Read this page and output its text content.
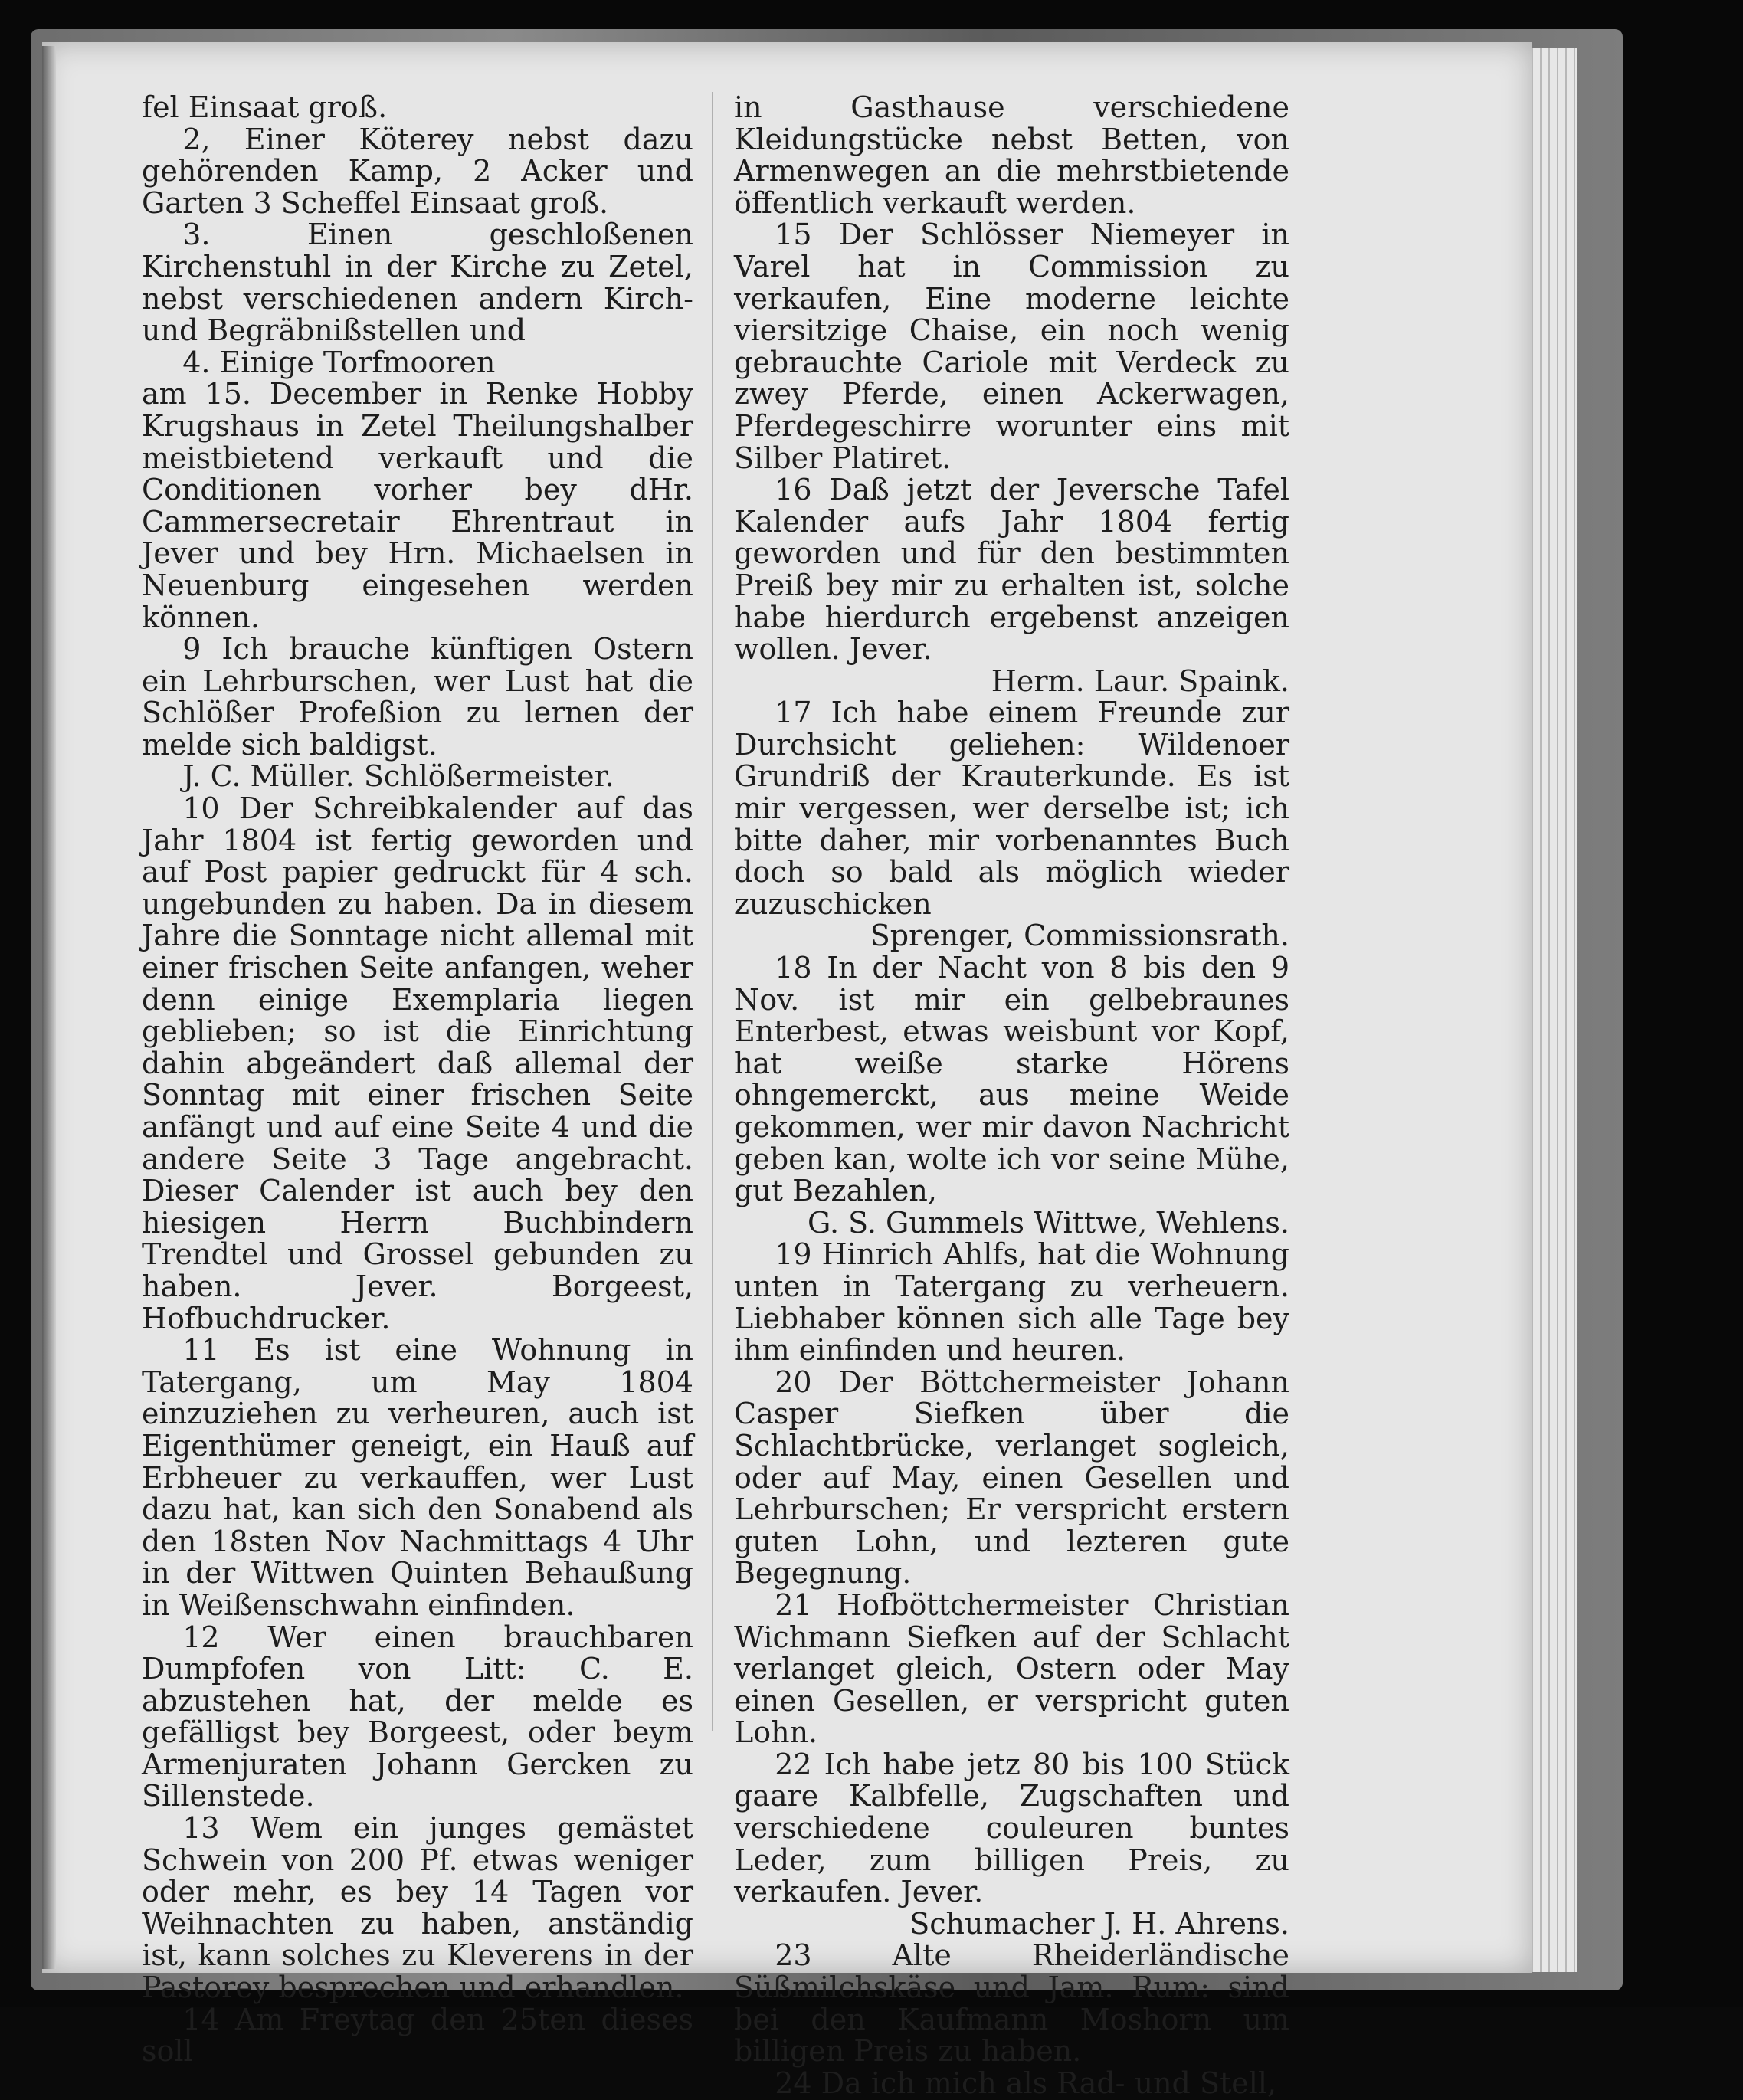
fel Einsaat groß.

2, Einer Köterey nebst dazu gehörenden Kamp, 2 Acker und Garten 3 Scheffel Einsaat groß.

3. Einen geschloßenen Kirchenstuhl in der Kirche zu Zetel, nebst verschiedenen andern Kirch- und Begräbnißstellen und

4. Einige Torfmooren

am 15. December in Renke Hobby Krugshaus in Zetel Theilungshalber meistbietend verkauft und die Conditionen vorher bey dHr. Cammersecretair Ehrentraut in Jever und bey Hrn. Michaelsen in Neuenburg eingesehen werden können.

9 Ich brauche künftigen Ostern ein Lehrburschen, wer Lust hat die Schlößer Profeßion zu lernen der melde sich baldigst.

J. C. Müller. Schlößermeister.

10 Der Schreibkalender auf das Jahr 1804 ist fertig geworden und auf Post papier gedruckt für 4 sch. ungebunden zu haben. Da in diesem Jahre die Sonntage nicht allemal mit einer frischen Seite anfangen, weher denn einige Exemplaria liegen geblieben; so ist die Einrichtung dahin abgeändert daß allemal der Sonntag mit einer frischen Seite anfängt und auf eine Seite 4 und die andere Seite 3 Tage angebracht. Dieser Calender ist auch bey den hiesigen Herrn Buchbindern Trendtel und Grossel gebunden zu haben. Jever. Borgeest, Hofbuchdrucker.

11 Es ist eine Wohnung in Tatergang, um May 1804 einzuziehen zu verheuren, auch ist Eigenthümer geneigt, ein Hauß auf Erbheuer zu verkauffen, wer Lust dazu hat, kan sich den Sonabend als den 18sten Nov Nachmittags 4 Uhr in der Wittwen Quinten Behaußung in Weißenschwahn einfinden.

12 Wer einen brauchbaren Dumpfofen von Litt: C. E. abzustehen hat, der melde es gefälligst bey Borgeest, oder beym Armenjuraten Johann Gercken zu Sillenstede.

13 Wem ein junges gemästet Schwein von 200 Pf. etwas weniger oder mehr, es bey 14 Tagen vor Weihnachten zu haben, anständig ist, kann solches zu Kleverens in der Pastorey besprechen und erhandlen.

14 Am Freytag den 25ten dieses soll

in Gasthause verschiedene Kleidungstücke nebst Betten, von Armenwegen an die mehrstbietende öffentlich verkauft werden.

15 Der Schlösser Niemeyer in Varel hat in Commission zu verkaufen, Eine moderne leichte viersitzige Chaise, ein noch wenig gebrauchte Cariole mit Verdeck zu zwey Pferde, einen Ackerwagen, Pferdegeschirre worunter eins mit Silber Platiret.

16 Daß jetzt der Jeversche Tafel Kalender aufs Jahr 1804 fertig geworden und für den bestimmten Preiß bey mir zu erhalten ist, solche habe hierdurch ergebenst anzeigen wollen. Jever.

Herm. Laur. Spaink.

17 Ich habe einem Freunde zur Durchsicht geliehen: Wildenoer Grundriß der Krauterkunde. Es ist mir vergessen, wer derselbe ist; ich bitte daher, mir vorbenanntes Buch doch so bald als möglich wieder zuzuschicken

Sprenger, Commissionsrath.

18 In der Nacht von 8 bis den 9 Nov. ist mir ein gelbebraunes Enterbest, etwas weisbunt vor Kopf, hat weiße starke Hörens ohngemerckt, aus meine Weide gekommen, wer mir davon Nachricht geben kan, wolte ich vor seine Mühe, gut Bezahlen,

G. S. Gummels Wittwe, Wehlens.

19 Hinrich Ahlfs, hat die Wohnung unten in Tatergang zu verheuern. Liebhaber können sich alle Tage bey ihm einfinden und heuren.

20 Der Böttchermeister Johann Casper Siefken über die Schlachtbrücke, verlanget sogleich, oder auf May, einen Gesellen und Lehrburschen; Er verspricht erstern guten Lohn, und lezteren gute Begegnung.

21 Hofböttchermeister Christian Wichmann Siefken auf der Schlacht verlanget gleich, Ostern oder May einen Gesellen, er verspricht guten Lohn.

22 Ich habe jetz 80 bis 100 Stück gaare Kalbfelle, Zugschaften und verschiedene couleuren buntes Leder, zum billigen Preis, zu verkaufen. Jever.

Schumacher J. H. Ahrens.

23 Alte Rheiderländische Süßmilchskäse und Jam. Rum: sind bei den Kaufmann Moshorn um billigen Preis zu haben.

24 Da ich mich als Rad- und Stell,
